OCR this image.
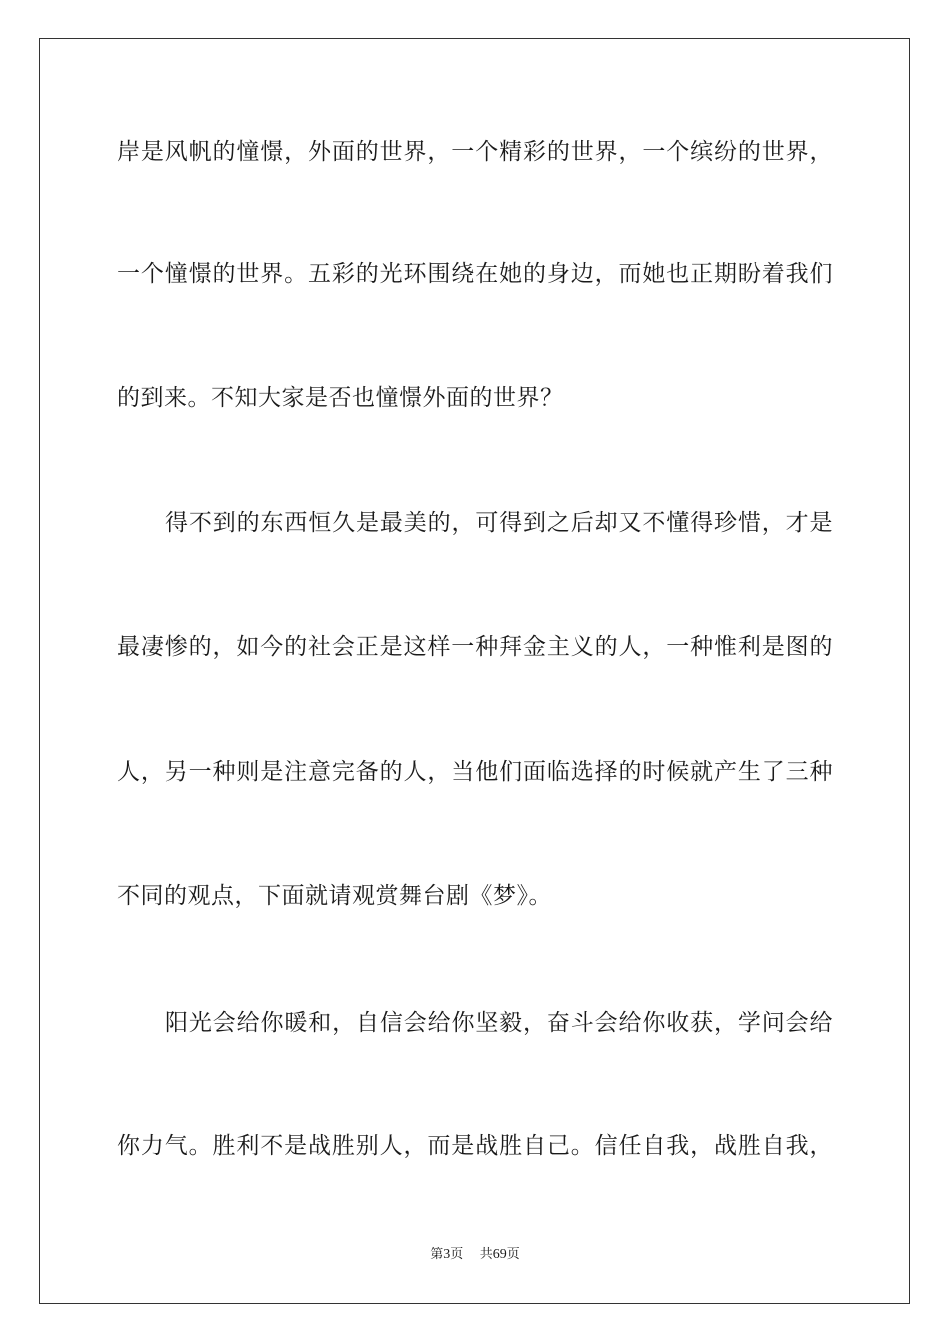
岸是风帆的憧憬，外面的世界，一个精彩的世界，一个缤纷的世界，
一个憧憬的世界。五彩的光环围绕在她的身边，而她也正期盼着我们
的到来。不知大家是否也憧憬外面的世界？
得不到的东西恒久是最美的，可得到之后却又不懂得珍惜，才是
最凄惨的，如今的社会正是这样一种拜金主义的人，一种惟利是图的
人，另一种则是注意完备的人，当他们面临选择的时候就产生了三种
不同的观点，下面就请观赏舞台剧《梦》。
阳光会给你暖和，自信会给你坚毅，奋斗会给你收获，学问会给
你力气。胜利不是战胜别人，而是战胜自己。信任自我，战胜自我，
第3页 共69页
